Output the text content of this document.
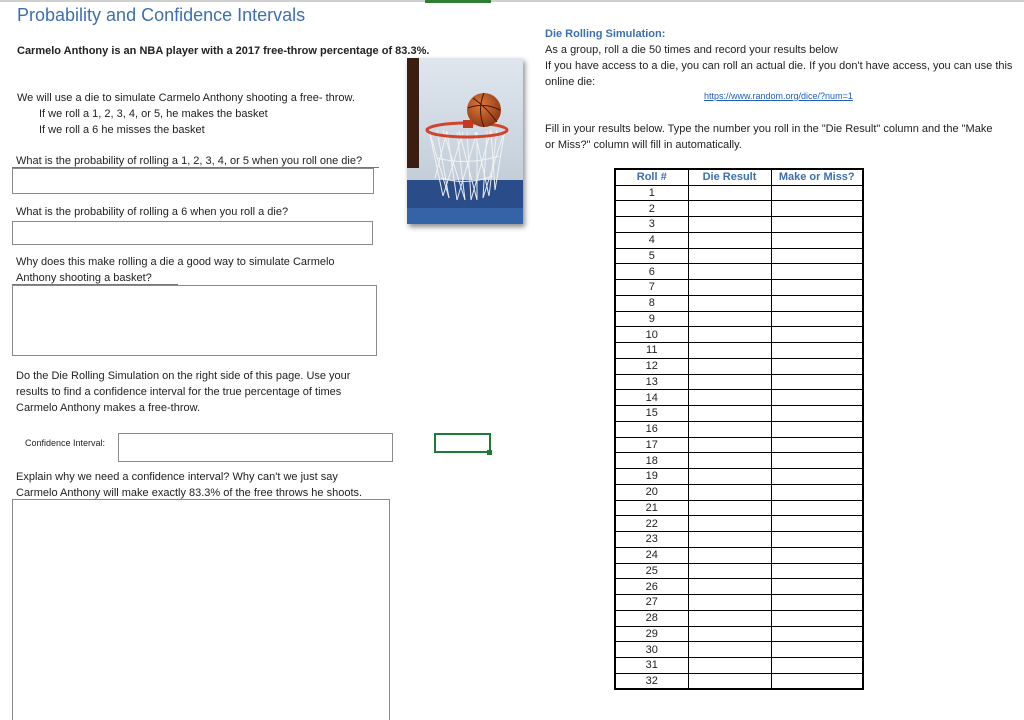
Probability and Confidence Intervals
Carmelo Anthony is an NBA player with a 2017 free-throw percentage of 83.3%.
We will use a die to simulate Carmelo Anthony shooting a free- throw.
If we roll a 1, 2, 3, 4, or 5, he makes the basket
If we roll a 6 he misses the basket
What is the probability of rolling a 1, 2, 3, 4, or 5 when you roll one die?
What is the probability of rolling a 6 when you roll a die?
Why does this make rolling a die a good way to simulate Carmelo
Anthony shooting a basket?
Do the Die Rolling Simulation on the right side of this page. Use your
results to find a confidence interval for the true percentage of times
Carmelo Anthony makes a free-throw.
Confidence Interval:
Explain why we need a confidence interval? Why can't we just say
Carmelo Anthony will make exactly 83.3% of the free throws he shoots.
Die Rolling Simulation:
As a group, roll a die 50 times and record your results below
If you have access to a die, you can roll an actual die. If you don't have access, you can use this
online die:
https://www.random.org/dice/?num=1
Fill in your results below. Type the number you roll in the "Die Result" column and the "Make
or Miss?" column will fill in automatically.
Roll #	Die Result	Make or Miss?
1		
2		
3		
4		
5		
6		
7		
8		
9		
10		
11		
12		
13		
14		
15		
16		
17		
18		
19		
20		
21		
22		
23		
24		
25		
26		
27		
28		
29		
30		
31		
32		
